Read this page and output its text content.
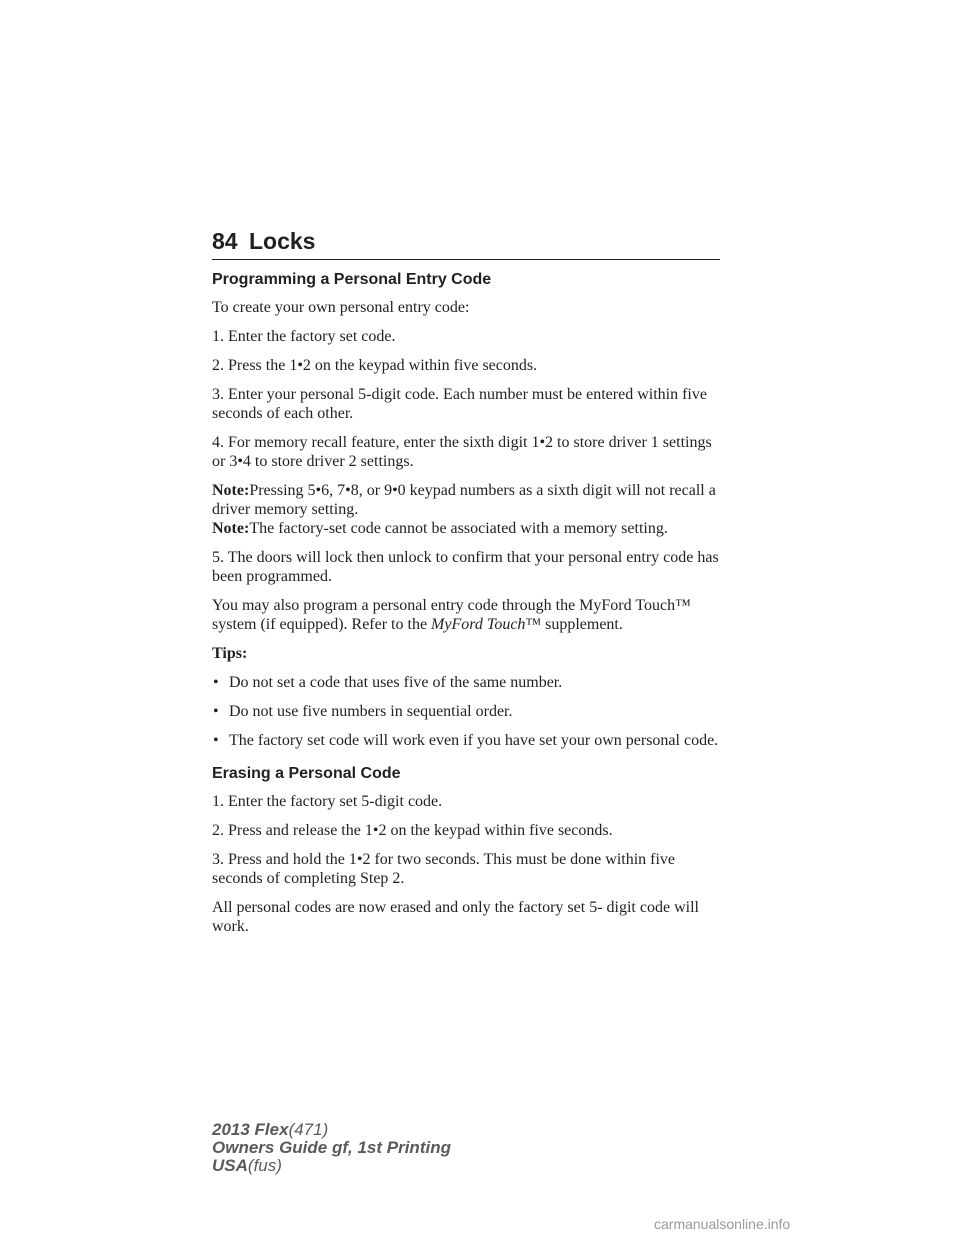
84 Locks
Programming a Personal Entry Code

To create your own personal entry code:

1. Enter the factory set code.

2. Press the 1•2 on the keypad within five seconds.

3. Enter your personal 5-digit code. Each number must be entered within five seconds of each other.

4. For memory recall feature, enter the sixth digit 1•2 to store driver 1 settings or 3•4 to store driver 2 settings.

Note:Pressing 5•6, 7•8, or 9•0 keypad numbers as a sixth digit will not recall a driver memory setting.

Note:The factory-set code cannot be associated with a memory setting.

5. The doors will lock then unlock to confirm that your personal entry code has been programmed.

You may also program a personal entry code through the MyFord Touch™ system (if equipped). Refer to the MyFord Touch™ supplement.

Tips:
• Do not set a code that uses five of the same number.
• Do not use five numbers in sequential order.
• The factory set code will work even if you have set your own personal code.
Erasing a Personal Code

1. Enter the factory set 5-digit code.

2. Press and release the 1•2 on the keypad within five seconds.

3. Press and hold the 1•2 for two seconds. This must be done within five seconds of completing Step 2.

All personal codes are now erased and only the factory set 5- digit code will work.

2013 Flex(471)
Owners Guide gf, 1st Printing
USA(fus)
carmanualsonline.info
